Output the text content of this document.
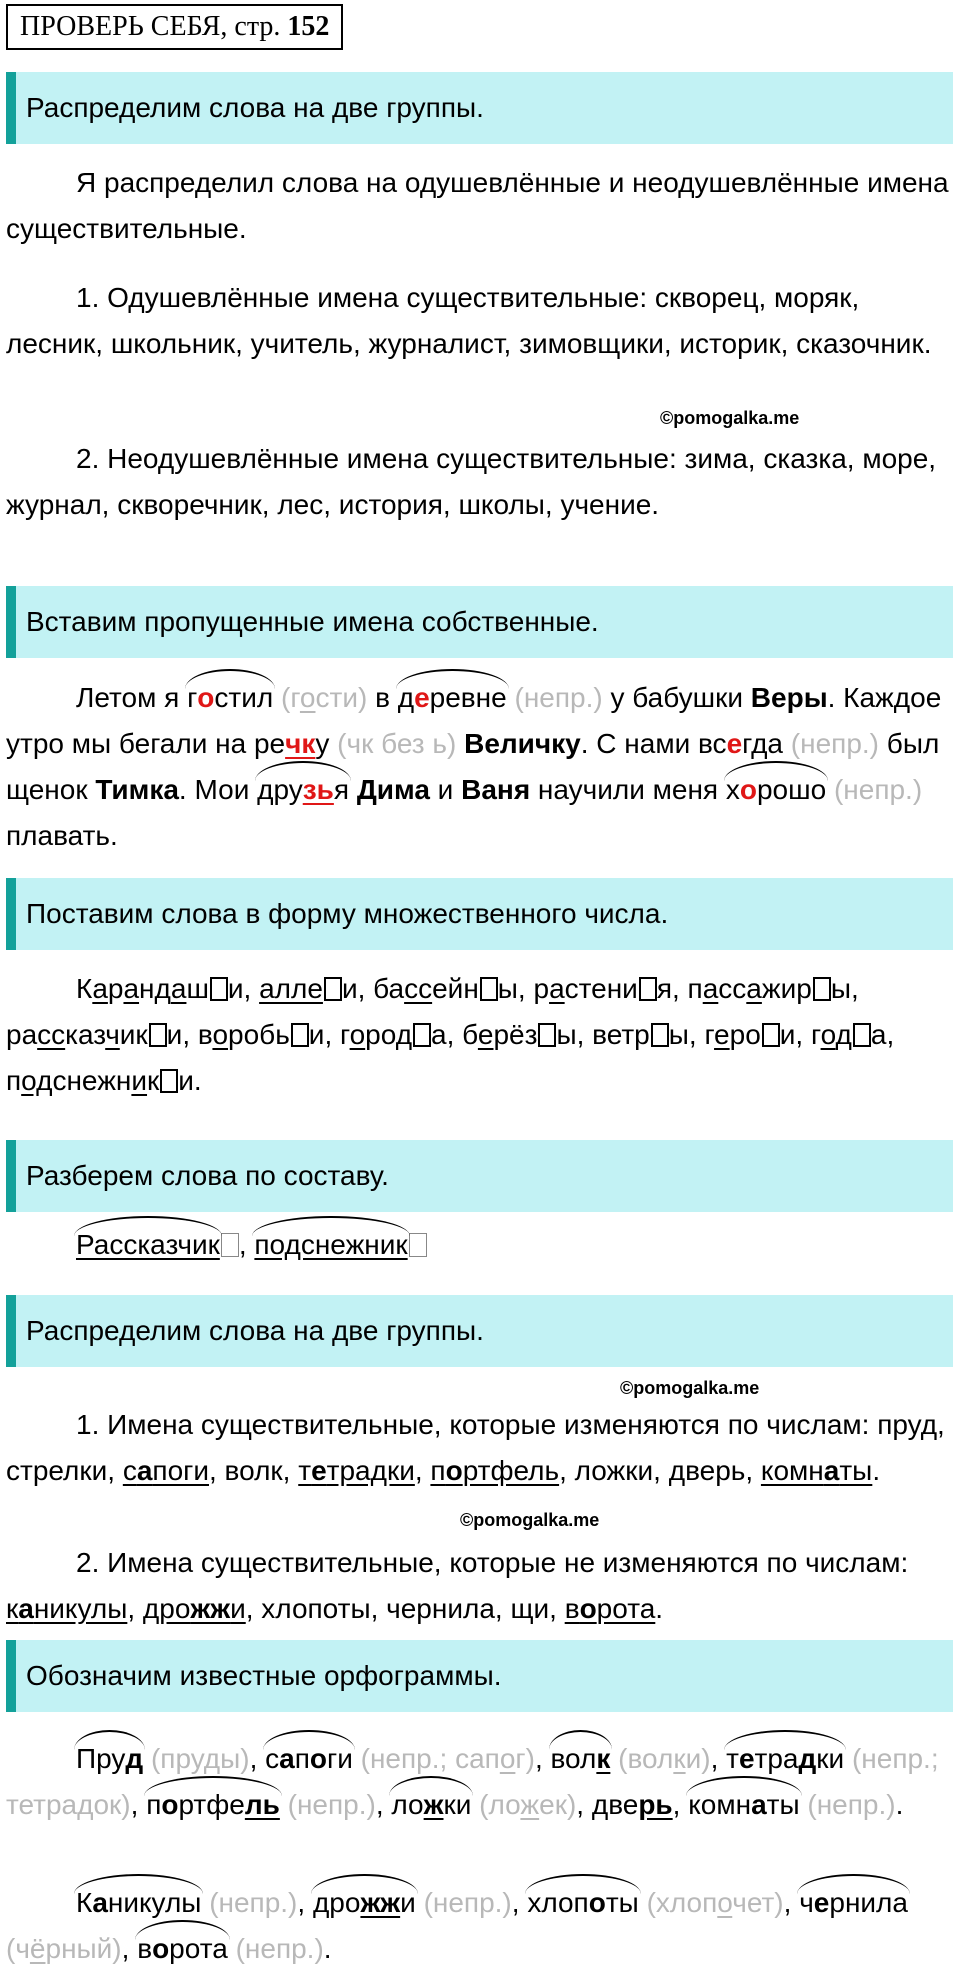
ПРОВЕРЬ СЕБЯ, стр. 152
Распределим слова на две группы.
Я распределил слова на одушевлённые и неодушевлённые имена существительные.
1. Одушевлённые имена существительные: скворец, моряк, лесник, школьник, учитель, журналист, зимовщики, историк, сказочник.
©pomogalka.me
2. Неодушевлённые имена существительные: зима, сказка, море, журнал, скворечник, лес, история, школы, учение.
Вставим пропущенные имена собственные.
Летом я гостил (гости) в деревне (непр.) у бабушки Веры. Каждое утро мы бегали на речку (чк без ь) Величку. С нами всегда (непр.) был щенок Тимка. Мои друзья Дима и Ваня научили меня хорошо (непр.) плавать.
Поставим слова в форму множественного числа.
Карандаш и, алле и, бассейн ы, растени я, пассажир ы, рассказчик и, воробь и, город а, берёз ы, ветр ы, геро и, год а, подснежник и.
Разберем слова по составу.
Рассказчик , подснежник
Распределим слова на две группы.
©pomogalka.me
1. Имена существительные, которые изменяются по числам: пруд, стрелки, сапоги, волк, тетрадки, портфель, ложки, дверь, комнаты.
©pomogalka.me
2. Имена существительные, которые не изменяются по числам: каникулы, дрожжи, хлопоты, чернила, щи, ворота.
Обозначим известные орфограммы.
Пруд (пруды), сапоги (непр.; сапог), волк (волки), тетрадки (непр.; тетрадок), портфель (непр.), ложки (ложек), дверь, комнаты (непр.).
Каникулы (непр.), дрожжи (непр.), хлопоты (хлопочет), чернила (чёрный), ворота (непр.).
